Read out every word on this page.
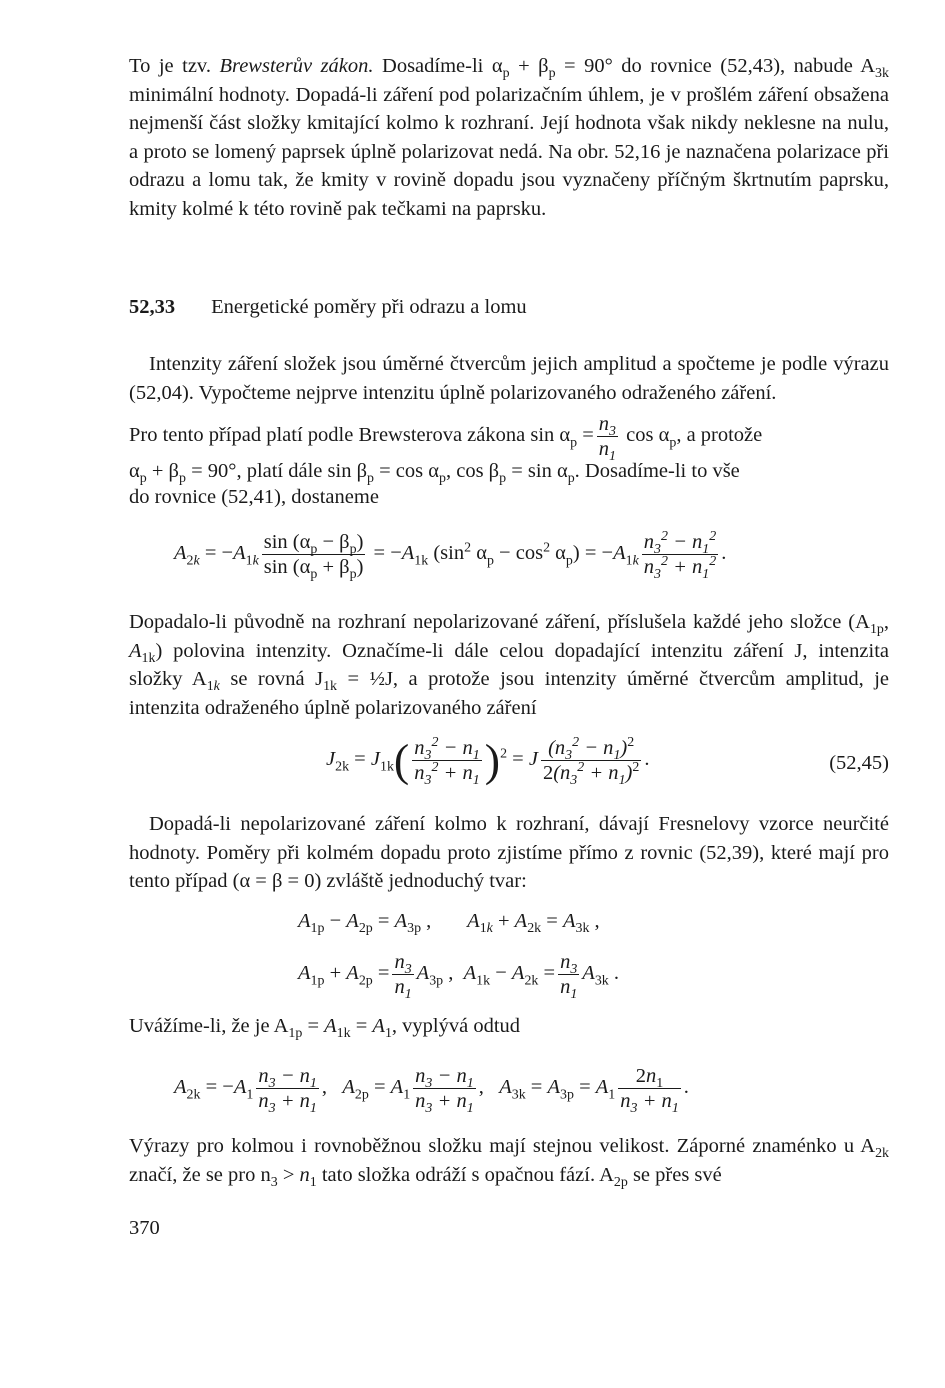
To je tzv. Brewsterův zákon. Dosadíme-li $\alpha_p + \beta_p = 90^\circ$ do rovnice (52,43), nabude $A_{3k}$ minimální hodnoty. Dopadá-li záření pod polarizačním úhlem, je v prošlém záření obsažena nejmenší část složky kmitající kolmo k rozhraní. Její hodnota však nikdy neklesne na nulu, a proto se lomený paprsek úplně polarizovat nedá. Na obr. 52,16 je naznačena polarizace při odrazu a lomu tak, že kmity v rovině dopadu jsou vyznačeny příčným škrtnutím paprsku, kmity kolmé k této rovině pak tečkami na paprsku.

52,33 Energetické poměry při odrazu a lomu

Intenzity záření složek jsou úměrné čtvercům jejich amplitud a spočteme je podle výrazu (52,04). Vypočteme nejprve intenzitu úplně polarizovaného odraženého záření.

Pro tento případ platí podle Brewsterova zákona $\sin \alpha_p = \frac{n_3}{n_1}$ $\cos \alpha_p$, a protože
$\alpha_p + \beta_p = 90^\circ$, platí dále $\sin \beta_p = \cos \alpha_p$, $\cos \beta_p = \sin \alpha_p$. Dosadíme-li to vše
do rovnice (52,41), dostaneme
$A_{2k} = -A_{1k} \frac{\sin (\alpha_p - \beta_p)}{\sin (\alpha_p + \beta_p)} = -A_{1k}$ ($\sin^2$ $\alpha_p - \cos^2 \alpha_p) = -A_{1k} \frac{n_3^2 - n_1^2}{n_3^2 + n_1^2}$ .

Dopadalo-li původně na rozhraní nepolarizované záření, příslušela každé jeho složce ($A_{1p}$, $A_{1k}$) polovina intenzity. Označíme-li dále celou dopadající intenzitu záření J, intenzita složky $A_{1k}$ se rovná $J_{1k}$ = ½J, a protože jsou intenzity úměrné čtvercům amplitud, je intenzita odraženého úplně polarizovaného záření

$J_{2k} = J_{1k}( \frac{n_3^2 - n_1}{n_3^2 + n_1} )^2 = J \frac{(n_3^2 - n_1)^2}{2(n_3^2 + n_1)^2}$ .	(52,45)

Dopadá-li nepolarizované záření kolmo k rozhraní, dávají Fresnelovy vzorce neurčité hodnoty. Poměry při kolmém dopadu proto zjistíme přímo z rovnic (52,39), které mají pro tento případ (α = β = 0) zvláště jednoduchý tvar:

$A_{1p} - A_{2p} = A_{3p}$ ,       $A_{1k} + A_{2k} = A_{3k}$ ,
$A_{1p} + A_{2p} = \frac{n_3}{n_1} A_{3p}$ ,  $A_{1k} - A_{2k} = \frac{n_3}{n_1} A_{3k}$ .
Uvážíme-li, že je $A_{1p} = A_{1k} = A_1$, vyplývá odtud
$A_{2k} = -A_1 \frac{n_3 - n_1}{n_3 + n_1}$ ,   $A_{2p} = A_1 \frac{n_3 - n_1}{n_3 + n_1}$ ,   $A_{3k} = A_{3p} = A_1 \frac{2n_1}{n_3 + n_1}$ .

Výrazy pro kolmou i rovnoběžnou složku mají stejnou velikost. Záporné znaménko u $A_{2k}$ značí, že se pro $n_3 > n_1$ tato složka odráží s opačnou fází. $A_{2p}$ se přes své

370
